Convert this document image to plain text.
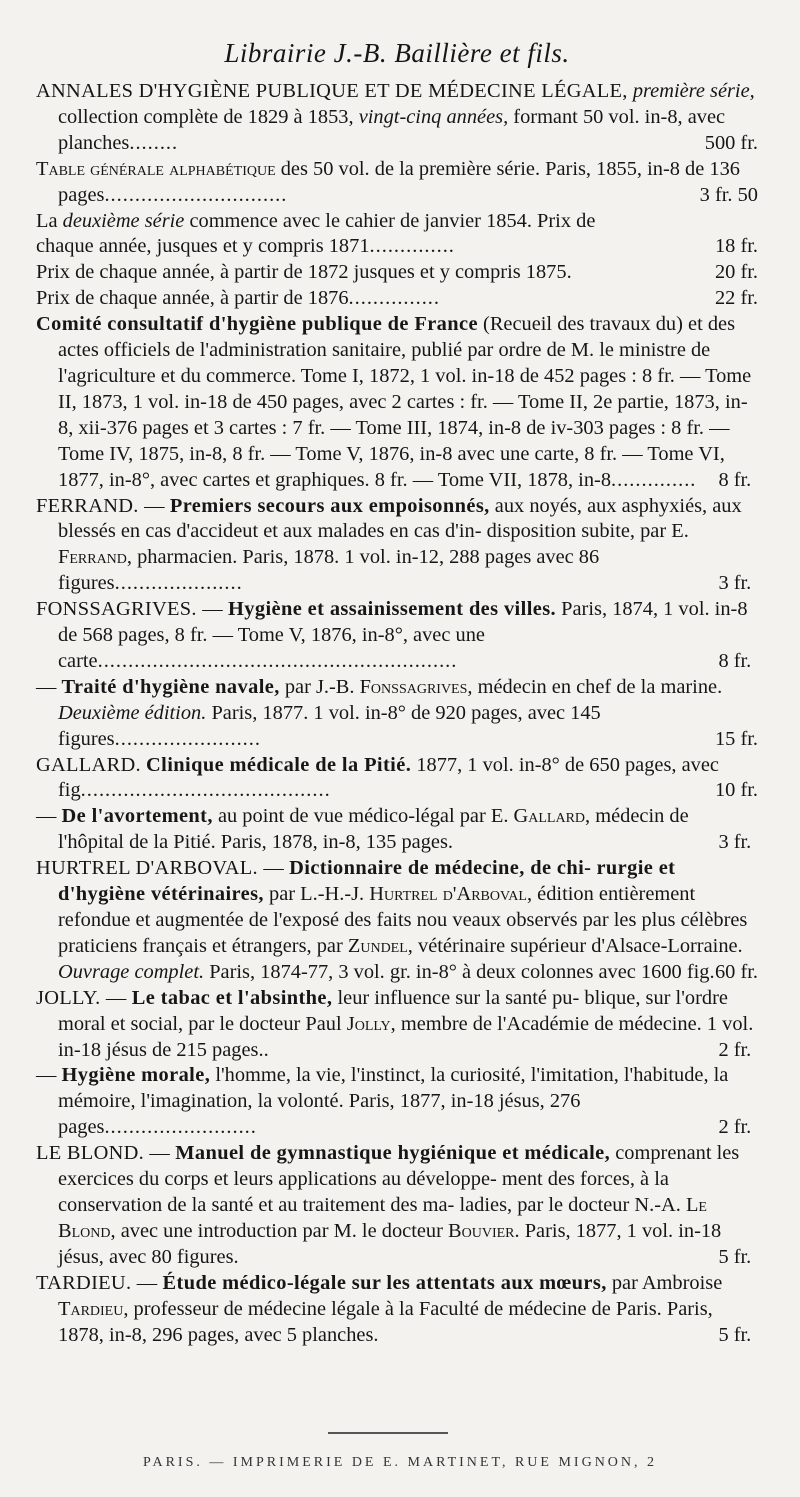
Librairie J.-B. Baillière et fils.
ANNALES D'HYGIÈNE PUBLIQUE ET DE MÉDECINE LÉGALE, première série, collection complète de 1829 à 1853, vingt-cinq années, formant 50 vol. in-8, avec planches........	500 fr.
Table générale alphabétique des 50 vol. de la première série. Paris, 1855, in-8 de 136 pages..............................	3 fr. 50
La deuxième série commence avec le cahier de janvier 1854. Prix de
chaque année, jusques et y compris 1871..............	18 fr.
Prix de chaque année, à partir de 1872 jusques et y compris 1875.	20 fr.
Prix de chaque année, à partir de 1876...............	22 fr.
Comité consultatif d'hygiène publique de France (Recueil des travaux du) et des actes officiels de l'administration sanitaire, publié par ordre de M. le ministre de l'agriculture et du commerce. Tome I, 1872, 1 vol. in-18 de 452 pages : 8 fr. — Tome II, 1873, 1 vol. in-18 de 450 pages, avec 2 cartes : fr. — Tome II, 2e partie, 1873, in-8, xii-376 pages et 3 cartes : 7 fr. — Tome III, 1874, in-8 de iv-303 pages : 8 fr. — Tome IV, 1875, in-8, 8 fr. — Tome V, 1876, in-8 avec une carte, 8 fr. — Tome VI, 1877, in-8°, avec cartes et graphiques. 8 fr. — Tome VII, 1878, in-8.............. 8 fr.
FERRAND. — Premiers secours aux empoisonnés, aux noyés, aux asphyxiés, aux blessés en cas d'accideut et aux malades en cas d'in- disposition subite, par E. Ferrand, pharmacien. Paris, 1878. 1 vol. in-12, 288 pages avec 86 figures.....................	3 fr.
FONSSAGRIVES. — Hygiène et assainissement des villes. Paris, 1874, 1 vol. in-8 de 568 pages, 8 fr. — Tome V, 1876, in-8°, avec une carte...........................................................	8 fr.
— Traité d'hygiène navale, par J.-B. Fonssagrives, médecin en chef de la marine. Deuxième édition. Paris, 1877. 1 vol. in-8° de 920 pages, avec 145 figures........................	15 fr.
GALLARD. Clinique médicale de la Pitié. 1877, 1 vol. in-8° de 650 pages, avec fig.........................................	10 fr.
— De l'avortement, au point de vue médico-légal par E. Gallard, médecin de l'hôpital de la Pitié. Paris, 1878, in-8, 135 pages.	3 fr.
HURTREL D'ARBOVAL. — Dictionnaire de médecine, de chi- rurgie et d'hygiène vétérinaires, par L.-H.-J. Hurtrel d'Arboval, édition entièrement refondue et augmentée de l'exposé des faits nou veaux observés par les plus célèbres praticiens français et étrangers, par Zundel, vétérinaire supérieur d'Alsace-Lorraine. Ouvrage complet. Paris, 1874-77, 3 vol. gr. in-8° à deux colonnes avec 1600 fig. 60 fr.
JOLLY. — Le tabac et l'absinthe, leur influence sur la santé pu- blique, sur l'ordre moral et social, par le docteur Paul Jolly, membre de l'Académie de médecine. 1 vol. in-18 jésus de 215 pages..	2 fr.
— Hygiène morale, l'homme, la vie, l'instinct, la curiosité, l'imitation, l'habitude, la mémoire, l'imagination, la volonté. Paris, 1877, in-18 jésus, 276 pages.........................	2 fr.
LE BLOND. — Manuel de gymnastique hygiénique et médicale, comprenant les exercices du corps et leurs applications au développe- ment des forces, à la conservation de la santé et au traitement des ma- ladies, par le docteur N.-A. Le Blond, avec une introduction par M. le docteur Bouvier. Paris, 1877, 1 vol. in-18 jésus, avec 80 figures.	5 fr.
TARDIEU. — Étude médico-légale sur les attentats aux mœurs, par Ambroise Tardieu, professeur de médecine légale à la Faculté de médecine de Paris. Paris, 1878, in-8, 296 pages, avec 5 planches.	5 fr.
PARIS. — IMPRIMERIE DE E. MARTINET, RUE MIGNON, 2
